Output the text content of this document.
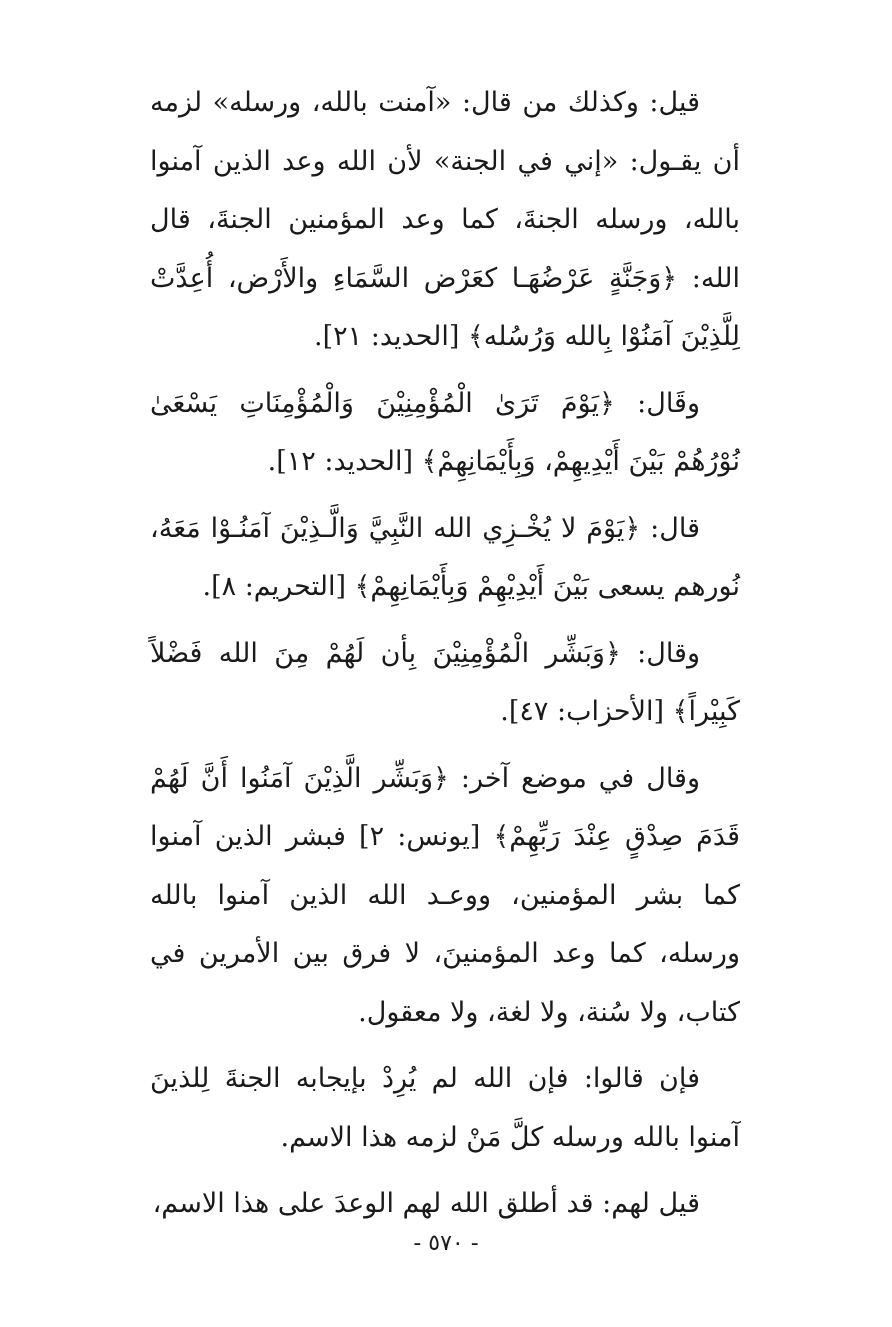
قيل: وكذلك من قال: «آمنت بالله، ورسله» لزمه أن يقـول: «إني في الجنة» لأن الله وعد الذين آمنوا بالله، ورسله الجنةَ، كما وعد المؤمنين الجنةَ، قال الله: ﴿وَجَنَّةٍ عَرْضُهَـا كعَرْض السَّمَاءِ والأَرْض، أُعِدَّتْ لِلَّذِيْنَ آمَنُوْا بِالله وَرُسُله﴾ [الحديد: ٢١].

وقَال: ﴿يَوْمَ تَرَىٰ الْمُؤْمِنِيْنَ وَالْمُؤْمِنَاتِ يَسْعَىٰ نُوْرُهُمْ بَيْنَ أَيْدِيهِمْ، وَبِأَيْمَانِهِمْ﴾ [الحديد: ١٢].

قال: ﴿يَوْمَ لا يُخْـزِي الله النَّبِيَّ وَالَّـذِيْنَ آمَنُـوْا مَعَهُ، نُورهم يسعى بَيْنَ أَيْدِيْهِمْ وَبِأَيْمَانِهِمْ﴾ [التحريم: ٨].

وقال: ﴿وَبَشِّر الْمُؤْمِنِيْنَ بِأن لَهُمْ مِنَ الله فَضْلاً كَبِيْراً﴾ [الأحزاب: ٤٧].

وقال في موضع آخر: ﴿وَبَشِّر الَّذِيْنَ آمَنُوا أَنَّ لَهُمْ قَدَمَ صِدْقٍ عِنْدَ رَبِّهِمْ﴾ [يونس: ٢] فبشر الذين آمنوا كما بشر المؤمنين، ووعـد الله الذين آمنوا بالله ورسله، كما وعد المؤمنينَ، لا فرق بين الأمرين في كتاب، ولا سُنة، ولا لغة، ولا معقول.

فإن قالوا: فإن الله لم يُرِدْ بإيجابه الجنةَ لِلذينَ آمنوا بالله ورسله كلَّ مَنْ لزمه هذا الاسم.

قيل لهم: قد أطلق الله لهم الوعدَ على هذا الاسم،

- ٥٧٠ -
